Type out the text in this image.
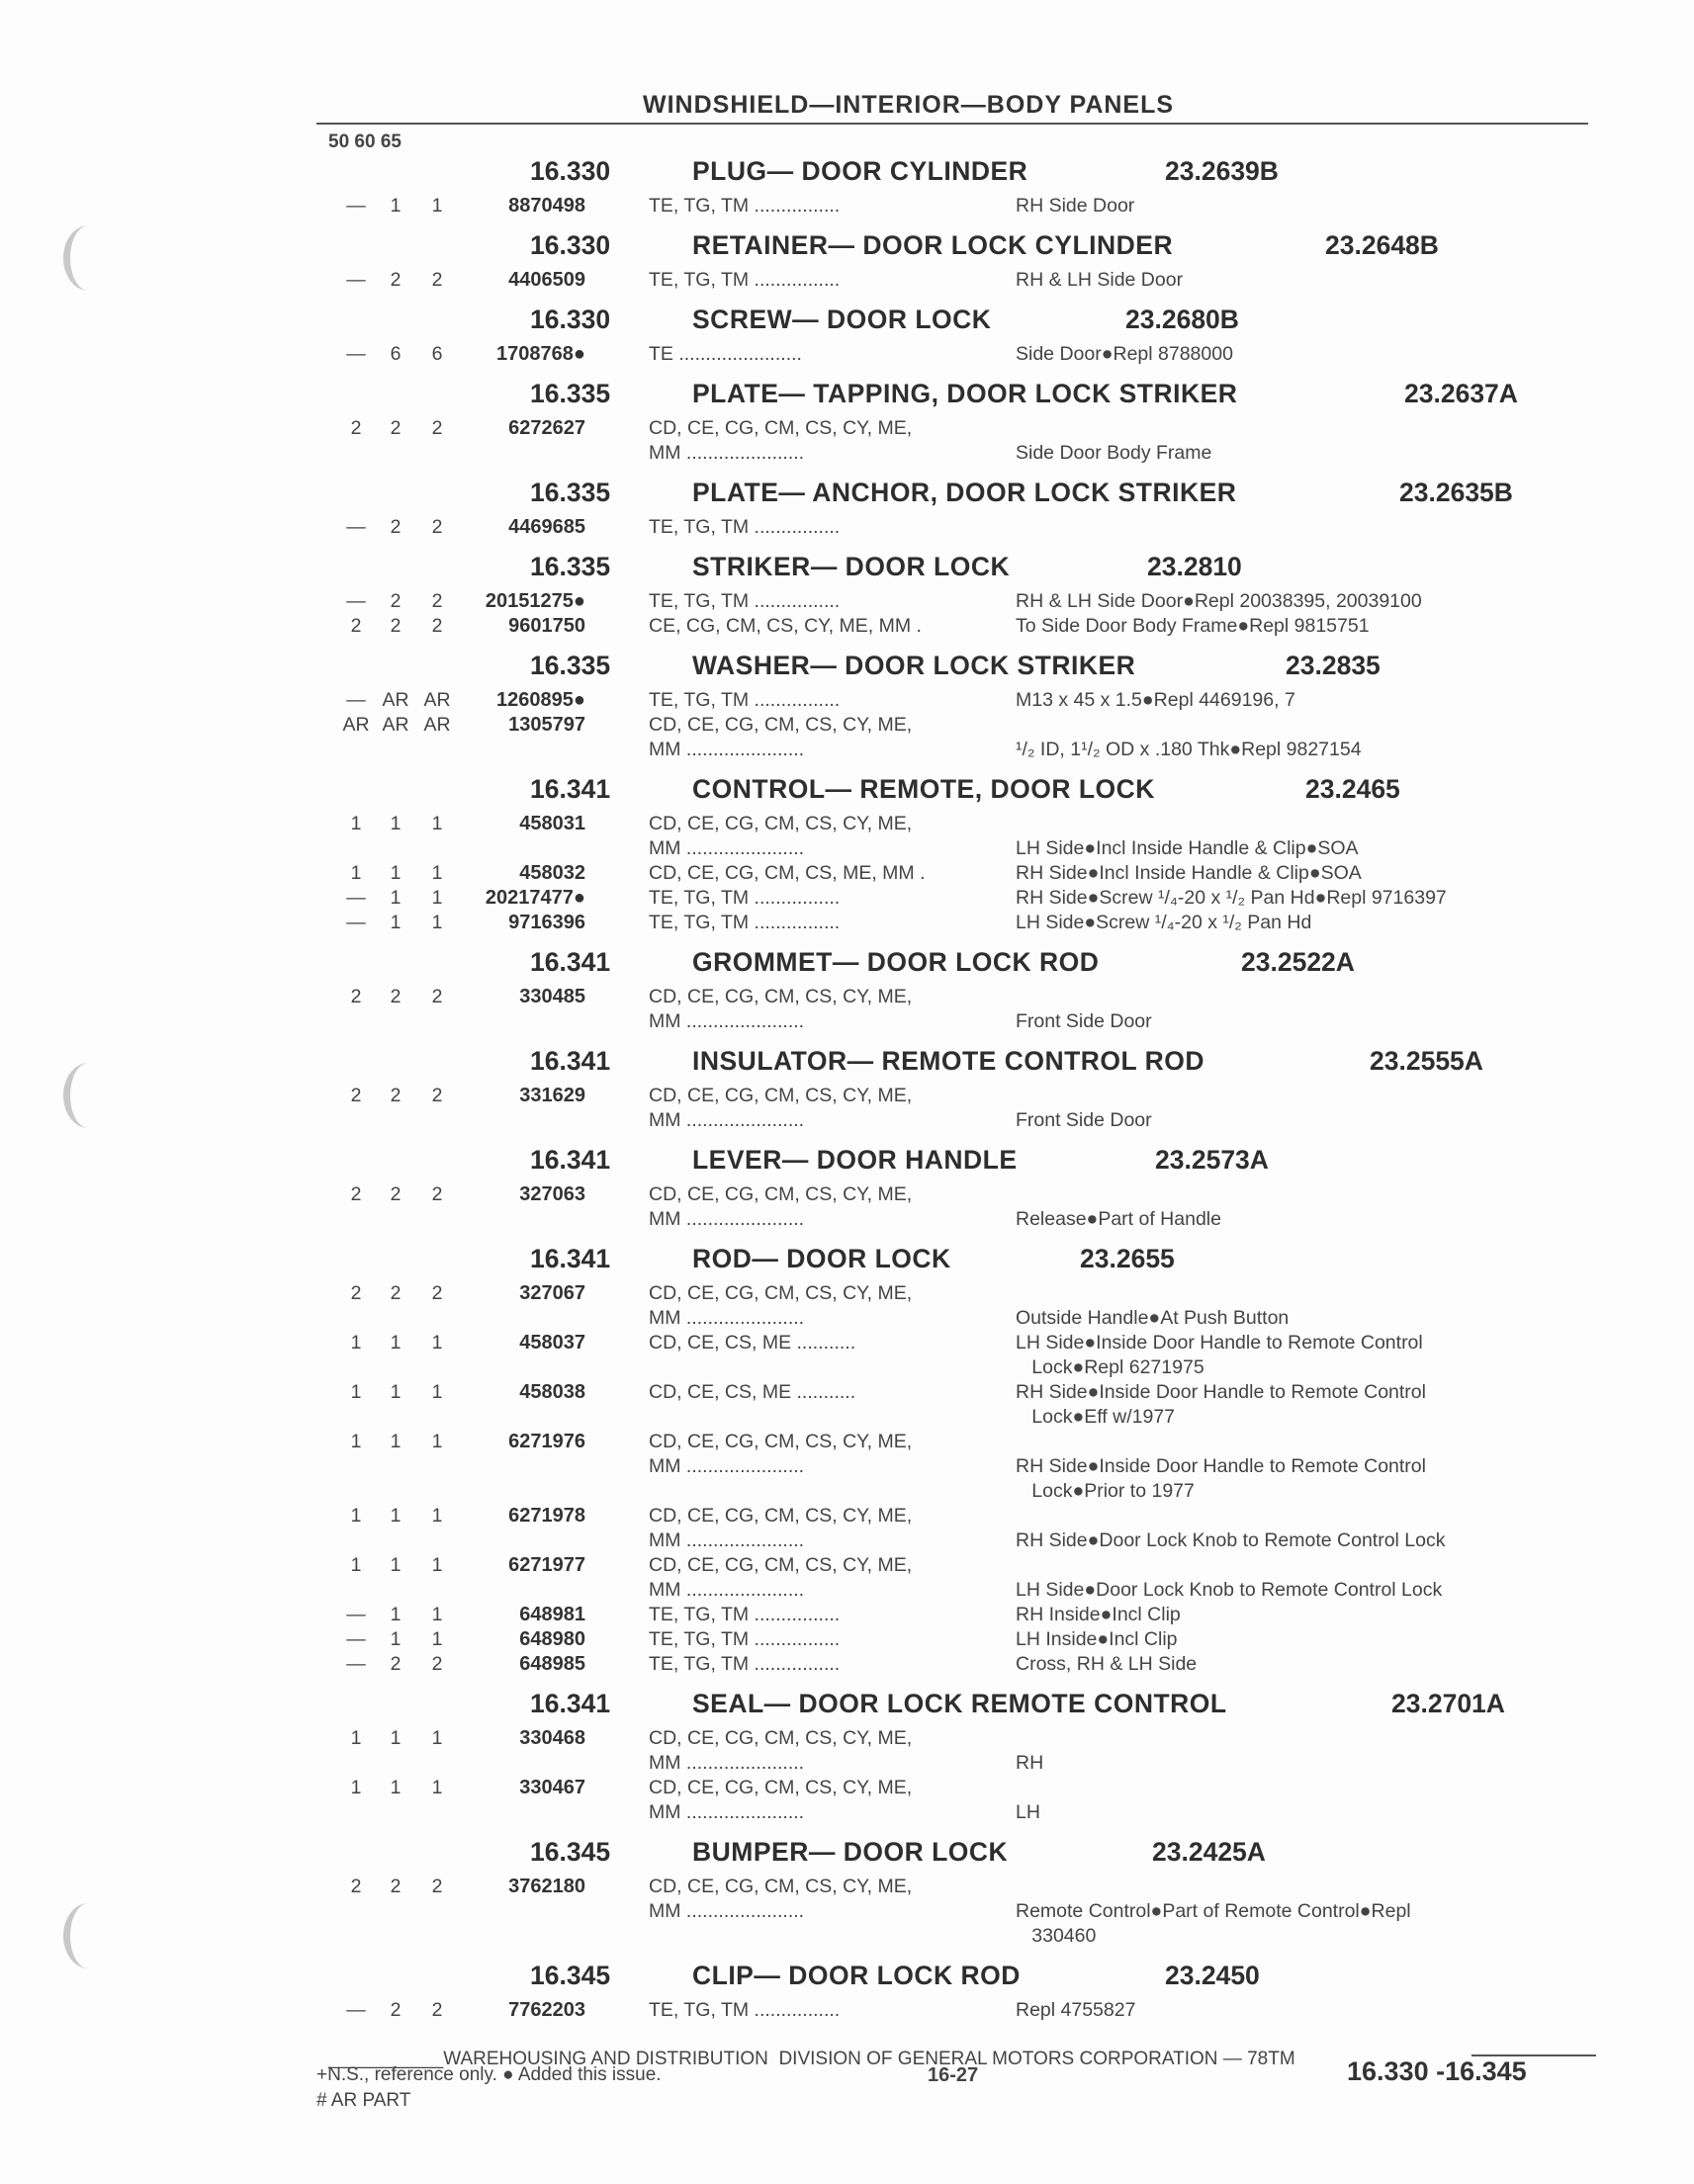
WINDSHIELD—INTERIOR—BODY PANELS
50 60 65
16.330	PLUG— DOOR CYLINDER	23.2639B
—	1	1	8870498	TE, TG, TM ................	RH Side Door
16.330	RETAINER— DOOR LOCK CYLINDER	23.2648B
—	2	2	4406509	TE, TG, TM ................	RH & LH Side Door
16.330	SCREW— DOOR LOCK	23.2680B
—	6	6	1708768●	TE .......................	Side Door●Repl 8788000
16.335	PLATE— TAPPING, DOOR LOCK STRIKER	23.2637A
2	2	2	6272627	CD, CE, CG, CM, CS, CY, ME,
MM ......................	Side Door Body Frame
16.335	PLATE— ANCHOR, DOOR LOCK STRIKER	23.2635B
—	2	2	4469685	TE, TG, TM ................
16.335	STRIKER— DOOR LOCK	23.2810
—	2	2	20151275●	TE, TG, TM ................	RH & LH Side Door●Repl 20038395, 20039100
2	2	2	9601750	CE, CG, CM, CS, CY, ME, MM .	To Side Door Body Frame●Repl 9815751
16.335	WASHER— DOOR LOCK STRIKER	23.2835
— AR AR	1260895●	TE, TG, TM ................	M13 x 45 x 1.5●Repl 4469196, 7
AR AR AR	1305797	CD, CE, CG, CM, CS, CY, ME,
MM ......................	¹/₂ ID, 1¹/₂ OD x .180 Thk●Repl 9827154
16.341	CONTROL— REMOTE, DOOR LOCK	23.2465
1	1	1	458031	CD, CE, CG, CM, CS, CY, ME,
MM ......................	LH Side●Incl Inside Handle & Clip●SOA
1	1	1	458032	CD, CE, CG, CM, CS, ME, MM .	RH Side●Incl Inside Handle & Clip●SOA
—	1	1	20217477●	TE, TG, TM ................	RH Side●Screw ¹/₄-20 x ¹/₂ Pan Hd●Repl 9716397
—	1	1	9716396	TE, TG, TM ................	LH Side●Screw ¹/₄-20 x ¹/₂ Pan Hd
16.341	GROMMET— DOOR LOCK ROD	23.2522A
2	2	2	330485	CD, CE, CG, CM, CS, CY, ME,
MM ......................	Front Side Door
16.341	INSULATOR— REMOTE CONTROL ROD	23.2555A
2	2	2	331629	CD, CE, CG, CM, CS, CY, ME,
MM ......................	Front Side Door
16.341	LEVER— DOOR HANDLE	23.2573A
2	2	2	327063	CD, CE, CG, CM, CS, CY, ME,
MM ......................	Release●Part of Handle
16.341	ROD— DOOR LOCK	23.2655
2	2	2	327067	CD, CE, CG, CM, CS, CY, ME,
MM ......................	Outside Handle●At Push Button
1	1	1	458037	CD, CE, CS, ME ...........	LH Side●Inside Door Handle to Remote Control
Lock●Repl 6271975
1	1	1	458038	CD, CE, CS, ME ...........	RH Side●Inside Door Handle to Remote Control
Lock●Eff w/1977
1	1	1	6271976	CD, CE, CG, CM, CS, CY, ME,
MM ......................	RH Side●Inside Door Handle to Remote Control
Lock●Prior to 1977
1	1	1	6271978	CD, CE, CG, CM, CS, CY, ME,
MM ......................	RH Side●Door Lock Knob to Remote Control Lock
1	1	1	6271977	CD, CE, CG, CM, CS, CY, ME,
MM ......................	LH Side●Door Lock Knob to Remote Control Lock
—	1	1	648981	TE, TG, TM ................	RH Inside●Incl Clip
—	1	1	648980	TE, TG, TM ................	LH Inside●Incl Clip
—	2	2	648985	TE, TG, TM ................	Cross, RH & LH Side
16.341	SEAL— DOOR LOCK REMOTE CONTROL	23.2701A
1	1	1	330468	CD, CE, CG, CM, CS, CY, ME,
MM ......................	RH
1	1	1	330467	CD, CE, CG, CM, CS, CY, ME,
MM ......................	LH
16.345	BUMPER— DOOR LOCK	23.2425A
2	2	2	3762180	CD, CE, CG, CM, CS, CY, ME,
MM ......................	Remote Control●Part of Remote Control●Repl
330460
16.345	CLIP— DOOR LOCK ROD	23.2450
—	2	2	7762203	TE, TG, TM ................	Repl 4755827
___________WAREHOUSING AND DISTRIBUTION  DIVISION OF GENERAL MOTORS CORPORATION — 78TM
+N.S., reference only. ● Added this issue.
# AR PART
16-27	16.330 -16.345
